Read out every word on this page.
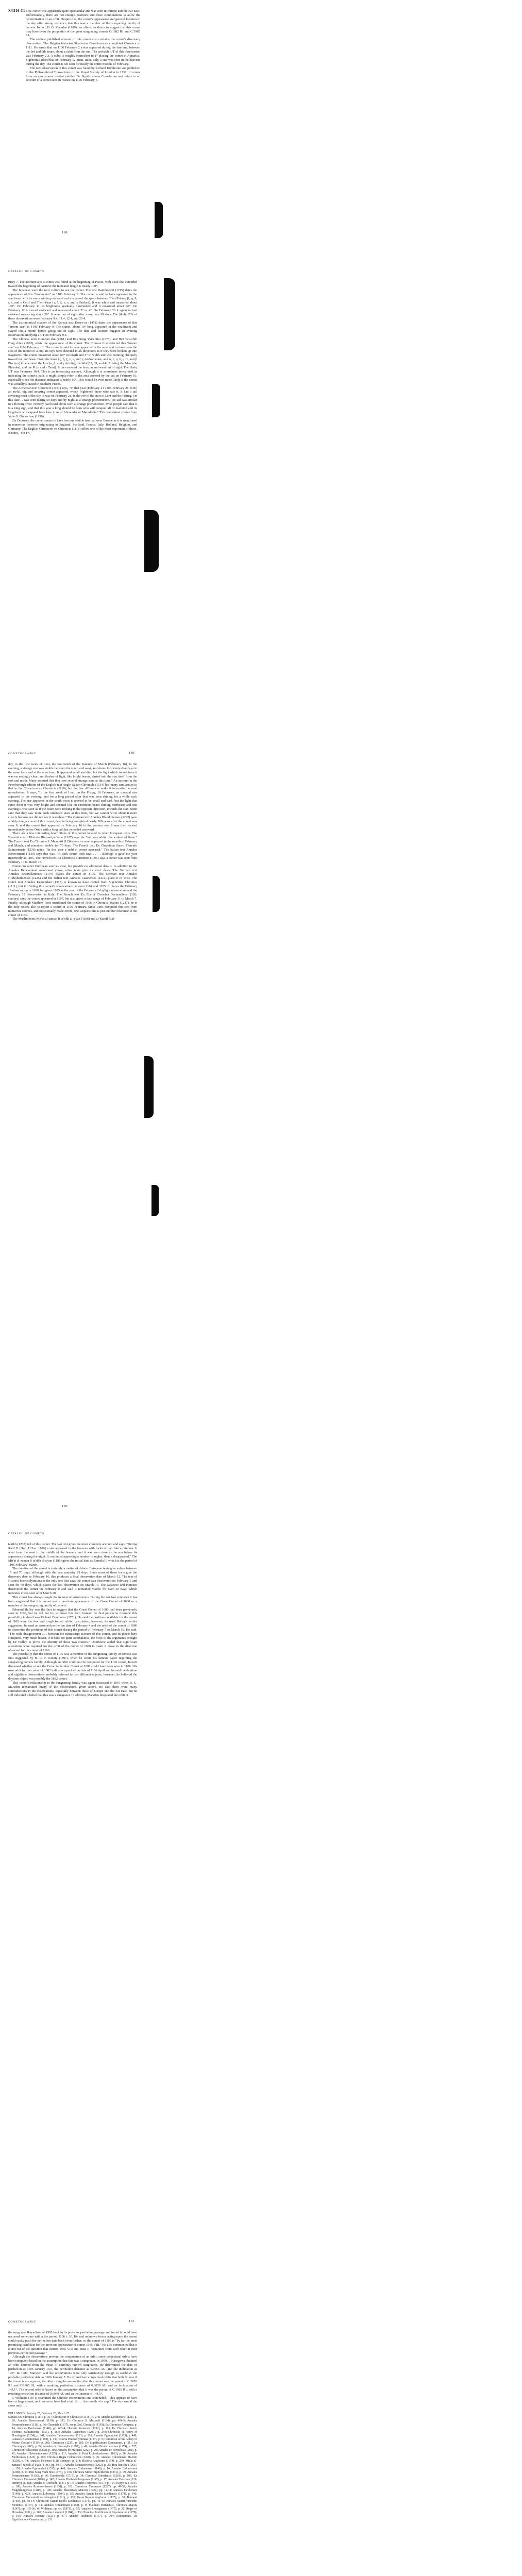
X/1106 C1 This comet was apparently quite spectacular and was seen in Europe and the Far East. Unfortunately, there are not enough positions and close combinations to allow the determination of an orbit. Despite this, the comet's appearance and general location in the sky offer strong evidence that this was a member of the sungrazing family of comets. In fact, B. G. Marsden (1989) has offered evidence to suggest that this comet may have been the progenitor of the great sungrazing comets C/1882 R1 and C/1965 S1.

The earliest published account of this comet also contains the comet's discovery observation. The Belgian historian Sigebertus Gemblacensis completed Chronica in 1111. He wrote that on 1106 February 2 a star appeared during the daytime, between the 3rd and 9th hours, about a cubit from the sun. The probable UT of this observation was February 2.3. A cubit is roughly equivalent to 1° placing the comet in Aquarius. Sigebertus added that on February 12, men, Rain, Italy, a star was seen in the heavens during the day. The comet is not seen for nearly the entire months of February.

The next observation of this comet was found by Richard Dunthorne and published in the Philosophical Transactions of the Royal Society of London in 1751. It comes from an anonymous treatise entitled De Significatione Cometarum and refers to an account of a comet seen in France on 1106 February 7.

188
CATALOG OF COMETS

ruary 7. The account says a comet was found at the beginning of Pisces, with a tail that extended toward the beginning of Gemini; the indicated length is nearly 100°.

The Japanese were the next culture to see the comet. The text Dainihonshi (1715) dates the appearance of this "broom star" as 1106 February 9. The comet is said to have appeared in the southwest with its ever-pointing rearward and trespassed the space between T'ien-Tshang [ξ, η, θ, ι, τ, and υ Ceti] and T'ien-Yuan [τ, δ, ζ, ν, ε, and η Eridani]. It was white and measured about 100°. On February 11 its brightness gradually diminished and it measured about 60°. On February 12 it moved eastward and measured about 3° or 4°. On February 20 it again moved eastward measuring about 20°. It went out of sight after more than 30 days. The likely UTs of these observations were February 9.4, 11.4, 12.4, and 20.4.

The astronomical chapter of the Korean text Koryo-sa (1451) dates the appearance of this "broom star" to 1106 February 9. The comet, about 10° long, appeared in the southwest and stayed out a month before going out of sight. The date and location suggest an evening observation, implying a UT on February 9.4.

The Chinese texts Hou-han shu (1061) and Hsu Sung Yueh Shu (1073), and Hsü Tzu-chih t'ung chien (1082), relate the appearance of the comet. The Chinese first detected this "broom star" on 1106 February 10. The comet is said to have appeared in the west and to have been the size of the mouth of a cup. Its rays were directed to all directions as if they were broken up into fragments. The comet measured about 60° in length and 3° in width and was pointing obliquely toward the northeast. From the lunar [ξ, δ, ζ, ν, ε, and η Andromedae; and σ, τ, υ, δ, μ, ν, and β Piscium] it penetrated the Lou [α, β, and γ Arietis], the Wei [35, 39, and 41 Arietis], the Mao [the Pleiades], and the Pi [α and ε Tauri]. It then entered the horizon and went out of sight. The likely UT was February 10.4. This is an interesting account. Although it is sometimes interpreted as indicating the comet's path, it might simply refer to the area covered by the tail on February 10, especially since the distance indicated is nearly 60°. This would be even more likely if the comet was actually situated in southern Pisces.

The Armenian text Chronicle (1131) says, "In that year [February 21 1105-February 21 1106] an awful, big and amazing comet appeared, which frightened those who saw it. It had a tail covering most of the sky. It was on February 21, in the eve of the start of Lent and the fasting. On this date ... was seen during 50 days and by night as a strange phenomenon." Its tail was similar to a flowing river. Nobody had heard about such a strange phenomenon. Wise people said that it is a king sign, and that this year a king should be born who will conquer all of mankind and its kingdoms will expand from here to as of Alexander or Macedonia." This translation comes from Vahe G. Gurzadyan (1998).

By February, the comet seems to have become visible from all over Europe as it is mentioned in numerous histories originating in England, Scotland, France, Italy, Holland, Belgium, and Germany. The English Chronicon ex Chronicis (1118) offers one of the most important of these. It notes, "On Fri-

COMETOGRAPHY	189

day, in the first week of Lent, the fourteenth of the Kalends of March [February 16], in the evening, a strange star was visible between the south and west, and shone for twenty-five days in the same form and at the same hour. It appeared small and dim, but the light which issued from it was exceedingly clear; and flashes of light, like bright beams, darted into the star itself from the east and north. Many asserted that they saw several strange stars at this time." An account in the Peterborough edition of the English text Anglo-Saxon Chronicle (1154) has many similarities to that in the Chronicon ex Chronicis (1118), but the few differences make it interesting to read nevertheless. It says, "In the first week of Lent, on the Friday, 16 February, an unusual star appeared in the evening, and for a long period after that was seen shining for a while each evening. The star appeared in the south-west; it seemed to be small and dark, but the light that came from it was very bright and seemed like an enormous beam shining northeast; and one evening it was seen as if the beam were forking in the opposite direction, towards the star. Some said that they saw more such unknown stars at this time, but we cannot write about it more clearly because we did not see it ourselves." The German text Annales Blandinienses (1292) gave a fairly long account of this comet, despite being completed nearly 200 years after the comet was seen. It said the comet first appeared on February 16 in the western sky. It was then located immediately below Orion with a long tail that extended eastward.

There are a few interesting descriptions of this comet located in other European texts. The Byzantine text Historia Hierosolymitana (1127) says the "tail was white like a sheet of linen." The French text Ex Chronica S. Maxentii (1134) says a comet appeared in the month of February and March, and remained visible for 70 days. The French text Ex Chronicon Sancti Florentii Salmuriensis (1236) notes, "In this year a reddish comet appeared." The Italian text Annales Beneventani (1130) says this was, "A dark comet with rays . . . , although it gave the year incorrectly as 1105. The French text Ex Chronicis Turonensi (1096) says a comet was seen from February 16 to March 17.

Numerous other European sources exist, but provide no additional details. In addition to the Annales Beneventani mentioned above, other texts give incorrect dates. The German text Annales Brunwilarenses (1179) places the comet in 1105. The German text Annales Hildesheimenses (1225) and the Italian text Annales Casinenses (1212) place it in 1104. The Dutch text Annales Egmundani (1315) is known to have copied from Sigebertus' Chronica (1111), but it dividing this comet's observations between 1104 and 1105. It places the February 16 observation in 1106, but gives 1105 as the year of the February 2 daylight observation and the February 12 observation in Italy. The French text Ex Eberci Chronica Fontanellensi (12th century) says the comet appeared in 1107, but also gives a date range of February 11 to March 7. Finally, although Matthew Paris mentioned the comet of 1106 in Chronica Majora (1247), he is the only source also to report a comet in 1106 February. Since Paris compiled this text from numerous sources, and occasionally made errors, one suspects this is just another reference to the comet of 1106.

The Muslim texts Mir'at al-zaman fi ta'rikh al-a'yan (1186) and al-Kamil fi al-

190
CATALOG OF COMETS

ta'rikh (1233) tell of this comet. The last text gives the more complete account and says, "During Rabi' II [Dec. 11/Jan. 1106] a star appeared in the heavens with locks of hair like a rainbow. It went from the west to the middle of the heavens and it was seen close to the sun before its appearance during the night. It continued appearing a number of nights, then it disappeared." The Mir'at al-zaman fi ta'rikh al-a'yan (1186) gives the initial date as Jumada II, which is the period of 1106 February-March.

The duration of the comet is certainly a matter of debate. European texts give values between 15 and 70 days, although with the vast majority 25 days. Since most of these texts give the discovery date as February 16, this produces a final observation date of March 12. The text of Historia Hierosolymitana is the only one that says the comet was discovered on February 5 and seen for 40 days, which places the last observation on March 17. The Japanese and Koreans discovered the comet on February 9 and said it remained visible for over 30 days, which indicates it was seen after March 10.

This comet has always caught the interest of astronomers. During the last two centuries it has been suggested that this comet was a previous appearance of the Great Comet of 1680 or a member of the sungrazing family of comets.

Edmond Halley was the first to suggest that the Great Comet of 1680 had been previously seen in 1106, but he did not try to prove this fact; instead, he first person to examine this possibility in detail was Richard Dunthorne (1751). He said the positions available for the comet of 1106 were too few and rough for an orbital calculation; however, he used Halley's earlier suggestion, he used an assumed perihelion date of February 4 and the orbit of the comet of 1680 to determine the positions of this comet during the period of February 7 to March 16. He said, "The wide disagreement . . . between the manuscript account of this comet, and its places here computed, very much lessen, if it does not quite overbalance, the force of the arguments brought by Dr Halley to prove the identity of these two comets." Dunthorne added that significant alterations were required for the orbit of the comet of 1680 to make it move in the direction observed for the comet of 1106.

The possibility that the comet of 1106 was a member of the sungrazing family of comets was first suggested by H. C. F. Kreutz (1891), when he wrote his famous paper regarding the sungrazing comets family. Although an orbit could not be computed for the 1106 comet, Kreutz discussed whether or not the Great September Comet of 1882 could have been seen in 1106. His own orbit for the comet of 1882 indicates a perihelion date of 1106 April and he said the daytime and nighttime observations probably referred to two different objects; however, he believed the daytime object was possibly the 1882 comet.

This comet's relationship to the sungrazing family was again discussed in 1967 when B. G. Marsden reexamined many of the observations given above. He said there were many contradictions in the observations, especially between those of Europe and the Far East, but he still indicated a belief that this was a sungrazer. In addition, Marsden integrated the orbit of

COMETOGRAPHY	191

the sungrazer Ikeya-Seki of 1965 back to its previous perihelion passage and found it could have occurred sometime within the period 1106 ± 30. He said unknown forces acting upon the comet could easily push the perihelion date back even further, so the comet of 1106 is "by far the most promising candidate for the previous appearance of comet 1965 VIII." He also commented that it is not out of the question that comets 1965 VIII and 1882 II "separated from each other at their previous perihelion passage."

Although the observations prevent the computation of an orbit, some conjectural orbits have been computed based on the assumption that this was a sungrazer. In 1979, I. Hasegawa obtained an orbit derived from the mean of currently known sungrazers. He determined the date of perihelion as 1106 January 16.5, the perihelion distance as 0.0056 AU, and the inclination as 145°. In 1989, Marsden said the observations were only satisfactory enough to establish the probable perihelion date as 1106 January 5. He offered two conjectural orbits that both fit, one if the comet is a sungrazer, the other using the assumption that this comet was the parent of C/1882 R1 and C/1965 S1, with a resulting perihelion distance of 0.0039 AU and an inclination of 143.1°. The second orbit is based on the assumption that it was the parent of C/1963 R1, with a resulting perihelion distance of 0.0049 AU and an inclination of 144.5°.

I. Williams (1871) examined the Chinese observations and concluded, "This appears to have been a large comet, as it seems to have had a tail. It . . . the mouth of a cup." The size would the show only . . .

FULL MOON: January 25, February 23, March 25

SOURCES: Chronica (1111), p. 367; Chronicon ex Chronicis (1118), p. 216; Annales Leodienses (1121), p. 29; Annales Beneventani (1130), p. 183; Ex Chronica S. Maxentii (1134), pp. 404-5; Annales Formoselenses (1136), p. 36; Chronicle (1137), see p. 2ed. Chronicle (1139); Ex Chronico Anonymo, p. 14; Annales Parchenses (1148), pp. 603-4; Historia Remensis (1152), p. 195; Ex Chronico Sancti Florentii Salmuriensis (1155), p. 267; Annales Casinenses (1206), p. 249; Chronicle of Henry of Huntingdon (1154), p. 241; Annales Cameracenses (1213), p. 510; Annales Egmundani (1315), p. 448; Annales Blandinienses (1292), p. 13; Historia Hierosolymitana (1127), p. 5; Chronicon of the Abbey of Monte Cassino (1139), p. 203; Chronicon (1235), p. 205; De Significatione Cometarum, p. 211; Le Chronique (1203), p. 24; Annales de Dunstaplia (1297), p. 49; Annales Brunwilarenses (1179), p. 727; Chronicon Valassense (1202), p. 106; Annales de Margan (1232), p. 29; Annales de Waverleia (1291), p. 42; Annales Hildesheimenses (1225), p. 111; Annales S. Petri Erphesfurdenses (1163), p. 26; Annales Mellicenses (1123), p. 501; Chronica Regia Coloniensis (1220), p. 45; Annales Colonienses Maximi (1238), p. 14; Annales Tielenses (12th century), p. 218; Historia Anglorum (1154), p. 239; Mir'at al-zaman fi ta'rikh al-a'yan (1186), pp. 50-51; Annales Monasterienses (1262), p. 27; Hou-han shu (1061), p. 158; Annales Egmundani (1315), p. 448; Annales Corbeienses (1148), p. 14; Annales Colonienses (1208), p. 13; Hsu Sung Yueh Shu (1073), p. 106; Chronica Minor Erphordensis (1261), p. 99; Annales Formoselenses (1136), p. 36; Dainihonshi (1715), p. 34; Chronica Erfordensis (1261), p. 106; Ex Chronico Turonensi (1096), p. 347; Annales Disibodenbergenses (1147), p. 17; Annales Tielenses (12th century), p. 218; Annales S. Disibodi (1147), p. 15; Annales Rodenses (1157), p. 704; Koryo-sa (1451), p. 108; Annales Rosenveldenses (1130), p. 102; Chronicon Turonense (1227), pp. 49-52; Annales Magdeburgenses (1188), p. 190; Annales Elnonenses Maiores (1224), pp. 11-14; Annales Parchenses (1148), p. 603; Annales Lobienses (1104), p. 55; Annales Sancti Iacobi Leodiensis (1174), p. 640; Chronicon Monasterii de Abingdon (1121), p. 135; Gesta Regum Anglorum (1125), p. 10; Bouquet (1781), pp. 19-14; Chronicon Sancti Iacobi Leodiensis (1174), pp. 46-47; Annales Sancti Vincentii Mettensis (1147), p. 34; Annales Ottenburani (1192), p. 9; Matthaei Parisiensis, Chronica Majora (1247), pp. 135-36; W. Williams, op. cit. (1871), p. 57; Annales Elwangenses (1477), p. 21; Roger of Hoveden (1201), p. 166; Annales Lamberti (1194), p. 15; Chronica Pontificum et Imperatorum (1278), p. 105; Annales Romani (1121), p. 477; Annales Rodenses (1157), p. 704; Anonymous, De Significatione Cometarum, p. 211.
